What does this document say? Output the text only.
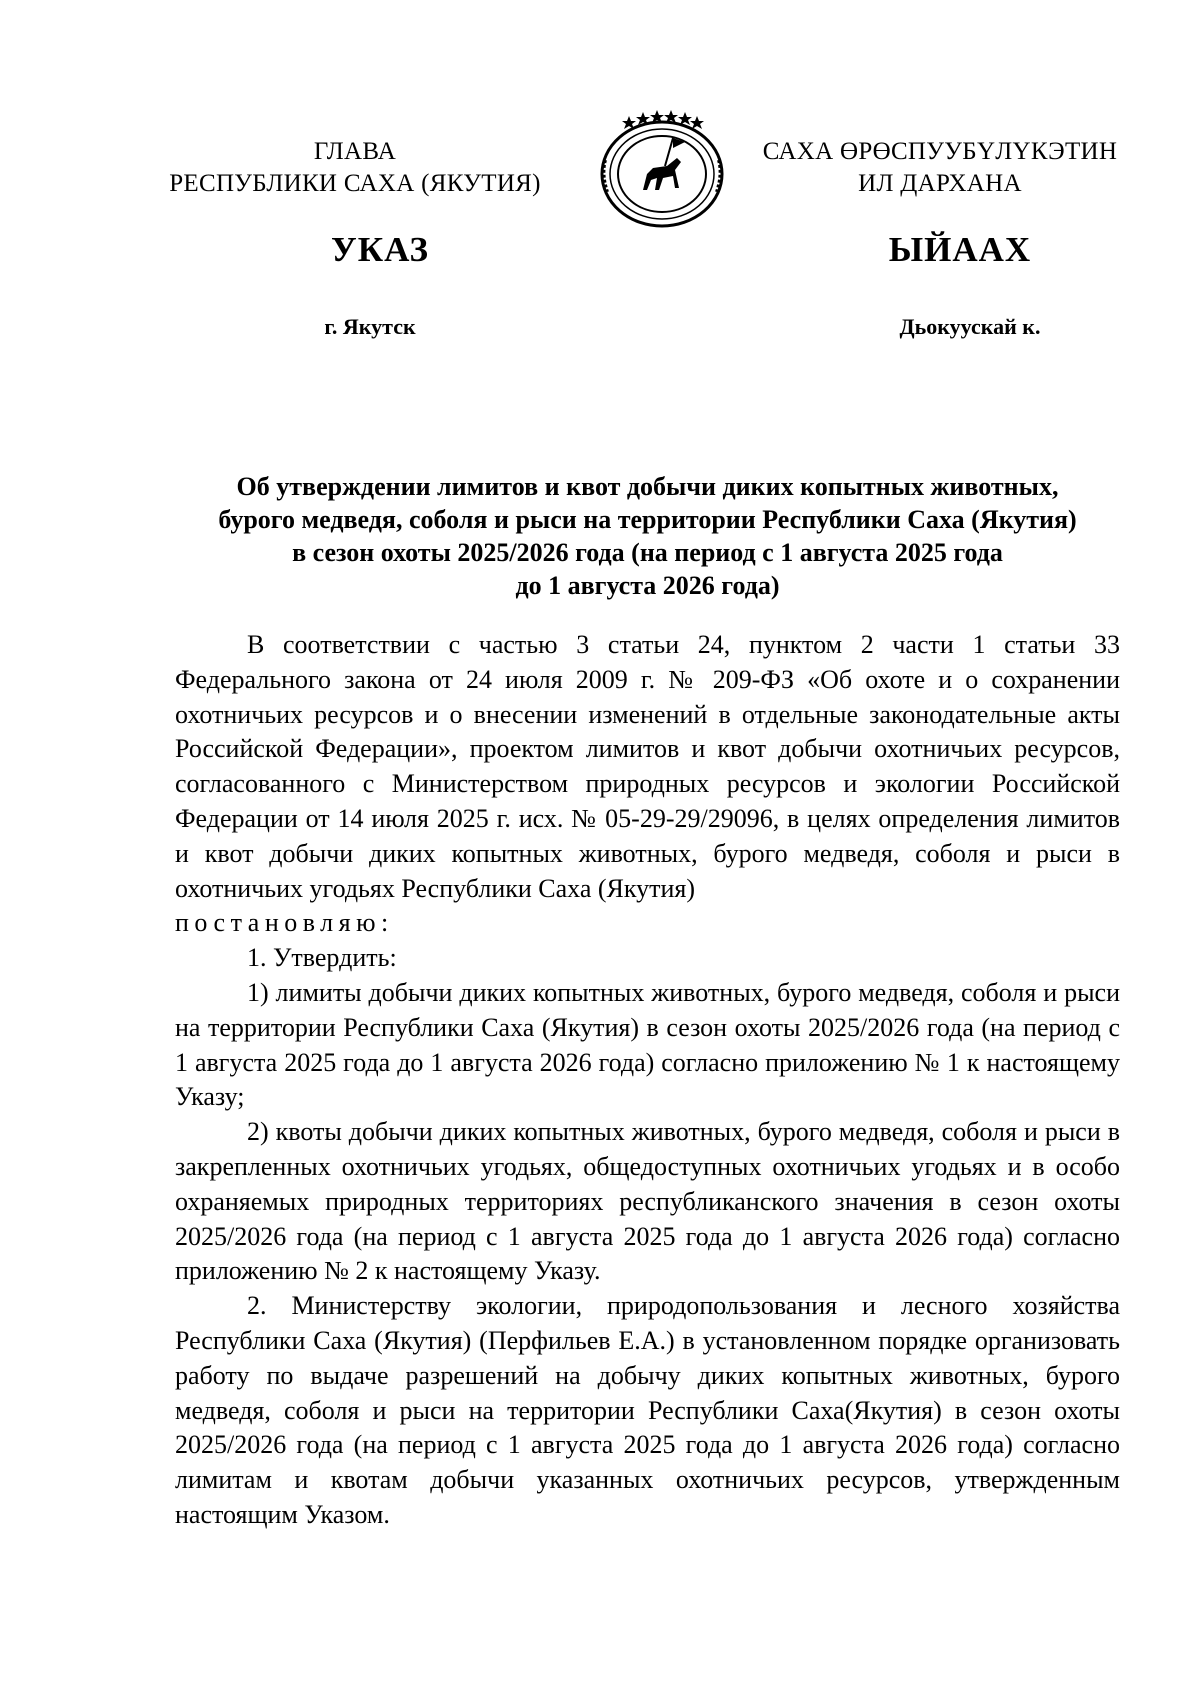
ГЛАВА
РЕСПУБЛИКИ САХА (ЯКУТИЯ)
САХА ӨРӨСПУУБҮЛҮКЭТИН
ИЛ ДАРХАНА
УКАЗ	ЫЙААХ
г. Якутск	Дьокуускай к.
Об утверждении лимитов и квот добычи диких копытных животных,
бурого медведя, соболя и рыси на территории Республики Саха (Якутия)
в сезон охоты 2025/2026 года (на период с 1 августа 2025 года
до 1 августа 2026 года)

В соответствии с частью 3 статьи 24, пунктом 2 части 1 статьи 33 Федерального закона от 24 июля 2009 г. № 209-ФЗ «Об охоте и о сохранении охотничьих ресурсов и о внесении изменений в отдельные законодательные акты Российской Федерации», проектом лимитов и квот добычи охотничьих ресурсов, согласованного с Министерством природных ресурсов и экологии Российской Федерации от 14 июля 2025 г. исх. № 05-29-29/29096, в целях определения лимитов и квот добычи диких копытных животных, бурого медведя, соболя и рыси в охотничьих угодьях Республики Саха (Якутия)

постановляю:

1. Утвердить:

1) лимиты добычи диких копытных животных, бурого медведя, соболя и рыси на территории Республики Саха (Якутия) в сезон охоты 2025/2026 года (на период с 1 августа 2025 года до 1 августа 2026 года) согласно приложению № 1 к настоящему Указу;

2) квоты добычи диких копытных животных, бурого медведя, соболя и рыси в закрепленных охотничьих угодьях, общедоступных охотничьих угодьях и в особо охраняемых природных территориях республиканского значения в сезон охоты 2025/2026 года (на период с 1 августа 2025 года до 1 августа 2026 года) согласно приложению № 2 к настоящему Указу.

2. Министерству экологии, природопользования и лесного хозяйства Республики Саха (Якутия) (Перфильев Е.А.) в установленном порядке организовать работу по выдаче разрешений на добычу диких копытных животных, бурого медведя, соболя и рыси на территории Республики Саха(Якутия) в сезон охоты 2025/2026 года (на период с 1 августа 2025 года до 1 августа 2026 года) согласно лимитам и квотам добычи указанных охотничьих ресурсов, утвержденным настоящим Указом.
